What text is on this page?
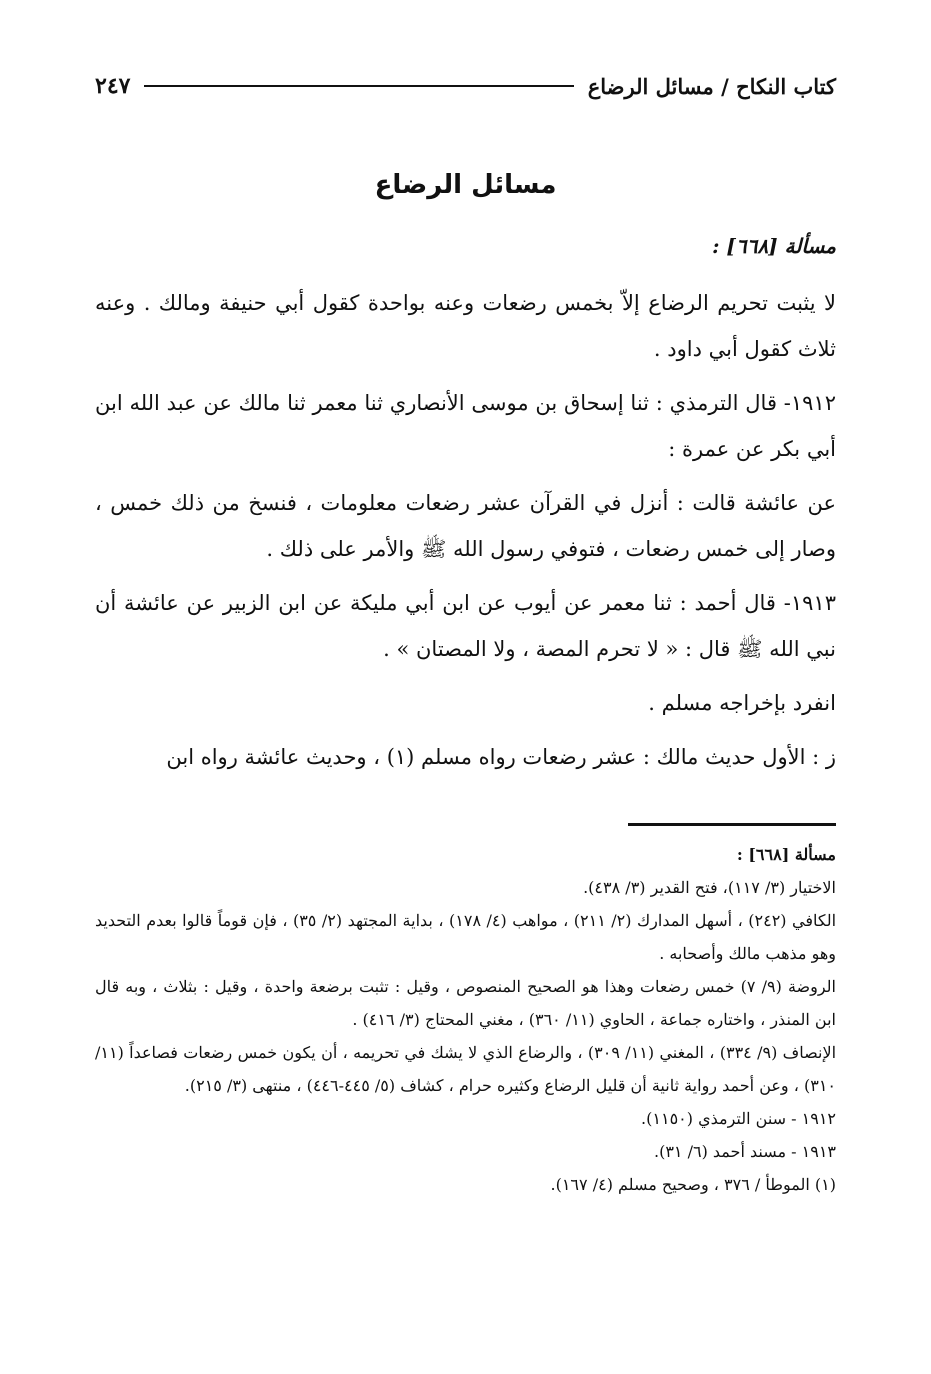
كتاب النكاح / مسائل الرضاع
٢٤٧
مسائل الرضاع
مسألة [٦٦٨] :

لا يثبت تحريم الرضاع إلاّ بخمس رضعات وعنه بواحدة كقول أبي حنيفة ومالك . وعنه ثلاث كقول أبي داود .

١٩١٢- قال الترمذي : ثنا إسحاق بن موسى الأنصاري ثنا معمر ثنا مالك عن عبد الله ابن أبي بكر عن عمرة :

عن عائشة قالت : أنزل في القرآن عشر رضعات معلومات ، فنسخ من ذلك خمس ، وصار إلى خمس رضعات ، فتوفي رسول الله ﷺ والأمر على ذلك .

١٩١٣- قال أحمد : ثنا معمر عن أيوب عن ابن أبي مليكة عن ابن الزبير عن عائشة أن نبي الله ﷺ قال : « لا تحرم المصة ، ولا المصتان » .

انفرد بإخراجه مسلم .

ز : الأول حديث مالك : عشر رضعات رواه مسلم (١) ، وحديث عائشة رواه ابن

مسألة [٦٦٨] :

الاختيار (٣/ ١١٧)، فتح القدير (٣/ ٤٣٨).

الكافي (٢٤٢) ، أسهل المدارك (٢/ ٢١١) ، مواهب (٤/ ١٧٨) ، بداية المجتهد (٢/ ٣٥) ، فإن قوماً قالوا بعدم التحديد وهو مذهب مالك وأصحابه .

الروضة (٩/ ٧) خمس رضعات وهذا هو الصحيح المنصوص ، وقيل : تثبت برضعة واحدة ، وقيل : بثلاث ، وبه قال ابن المنذر ، واختاره جماعة ، الحاوي (١١/ ٣٦٠) ، مغني المحتاج (٣/ ٤١٦) .

الإنصاف (٩/ ٣٣٤) ، المغني (١١/ ٣٠٩) ، والرضاع الذي لا يشك في تحريمه ، أن يكون خمس رضعات فصاعداً (١١/ ٣١٠) ، وعن أحمد رواية ثانية أن قليل الرضاع وكثيره حرام ، كشاف (٥/ ٤٤٥-٤٤٦) ، منتهى (٣/ ٢١٥).

١٩١٢ - سنن الترمذي (١١٥٠).

١٩١٣ - مسند أحمد (٦/ ٣١).

(١) الموطأ / ٣٧٦ ، وصحيح مسلم (٤/ ١٦٧).
